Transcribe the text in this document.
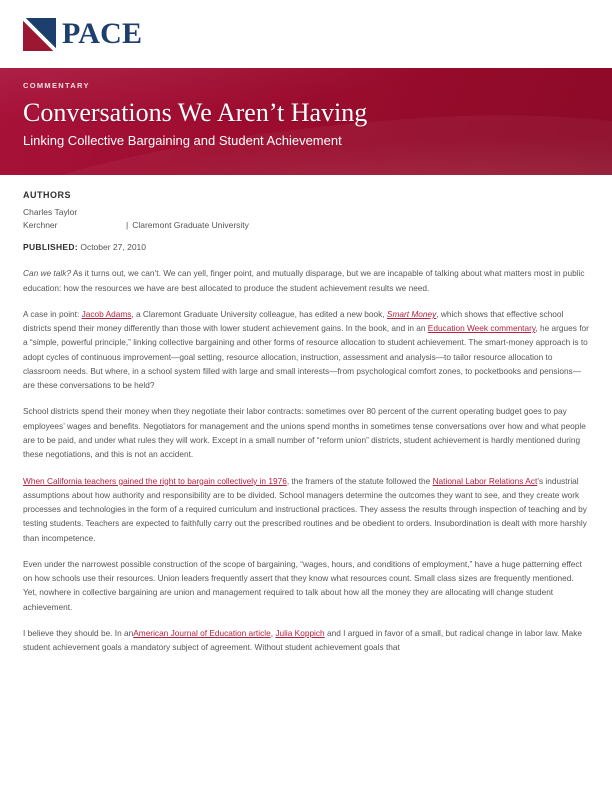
PACE
COMMENTARY
Conversations We Aren’t Having
Linking Collective Bargaining and Student Achievement
AUTHORS
Charles Taylor
Kerchner	| Claremont Graduate University
PUBLISHED: October 27, 2010

Can we talk? As it turns out, we can’t. We can yell, finger point, and mutually disparage, but we are incapable of talking about what matters most in public education: how the resources we have are best allocated to produce the student achievement results we need.

A case in point: Jacob Adams, a Claremont Graduate University colleague, has edited a new book, Smart Money, which shows that effective school districts spend their money differently than those with lower student achievement gains. In the book, and in an Education Week commentary, he argues for a “simple, powerful principle,” linking collective bargaining and other forms of resource allocation to student achievement. The smart-money approach is to adopt cycles of continuous improvement—goal setting, resource allocation, instruction, assessment and analysis—to tailor resource allocation to classroom needs. But where, in a school system filled with large and small interests—from psychological comfort zones, to pocketbooks and pensions—are these conversations to be held?

School districts spend their money when they negotiate their labor contracts: sometimes over 80 percent of the current operating budget goes to pay employees’ wages and benefits. Negotiators for management and the unions spend months in sometimes tense conversations over how and what people are to be paid, and under what rules they will work. Except in a small number of “reform union” districts, student achievement is hardly mentioned during these negotiations, and this is not an accident.

When California teachers gained the right to bargain collectively in 1976, the framers of the statute followed the National Labor Relations Act’s industrial assumptions about how authority and responsibility are to be divided. School managers determine the outcomes they want to see, and they create work processes and technologies in the form of a required curriculum and instructional practices. They assess the results through inspection of teaching and by testing students. Teachers are expected to faithfully carry out the prescribed routines and be obedient to orders. Insubordination is dealt with more harshly than incompetence.

Even under the narrowest possible construction of the scope of bargaining, “wages, hours, and conditions of employment,” have a huge patterning effect on how schools use their resources. Union leaders frequently assert that they know what resources count. Small class sizes are frequently mentioned. Yet, nowhere in collective bargaining are union and management required to talk about how all the money they are allocating will change student achievement.

I believe they should be. In anAmerican Journal of Education article, Julia Koppich and I argued in favor of a small, but radical change in labor law. Make student achievement goals a mandatory subject of agreement. Without student achievement goals that
